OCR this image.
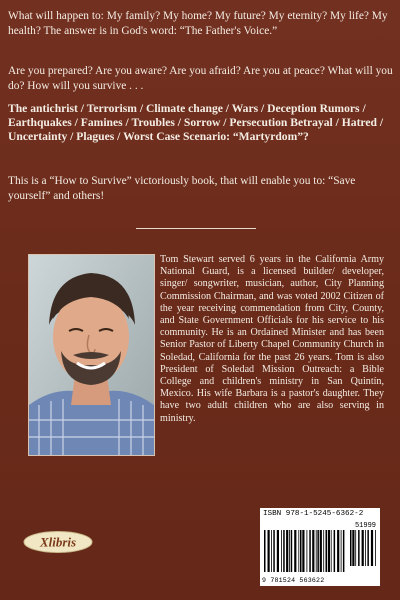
What will happen to: My family? My home? My future? My eternity? My life? My health? The answer is in God's word: “The Father's Voice.”

Are you prepared? Are you aware? Are you afraid? Are you at peace? What will you do? How will you survive . . .

The antichrist / Terrorism / Climate change / Wars / Deception Rumors / Earthquakes / Famines / Troubles / Sorrow / Persecution Betrayal / Hatred / Uncertainty / Plagues / Worst Case Scenario: “Martyrdom”?

This is a “How to Survive” victoriously book, that will enable you to: “Save yourself” and others!

Tom Stewart served 6 years in the California Army National Guard, is a licensed builder/ developer, singer/ songwriter, musician, author, City Planning Commission Chairman, and was voted 2002 Citizen of the year receiving commendation from City, County, and State Government Officials for his service to his community. He is an Ordained Minister and has been Senior Pastor of Liberty Chapel Community Church in Soledad, California for the past 26 years. Tom is also President of Soledad Mission Outreach: a Bible College and children's ministry in San Quintín, Mexico. His wife Barbara is a pastor's daughter. They have two adult children who are also serving in ministry.

ISBN 978-1-5245-6362-2
51999
9 781524 563622
Xlibris
